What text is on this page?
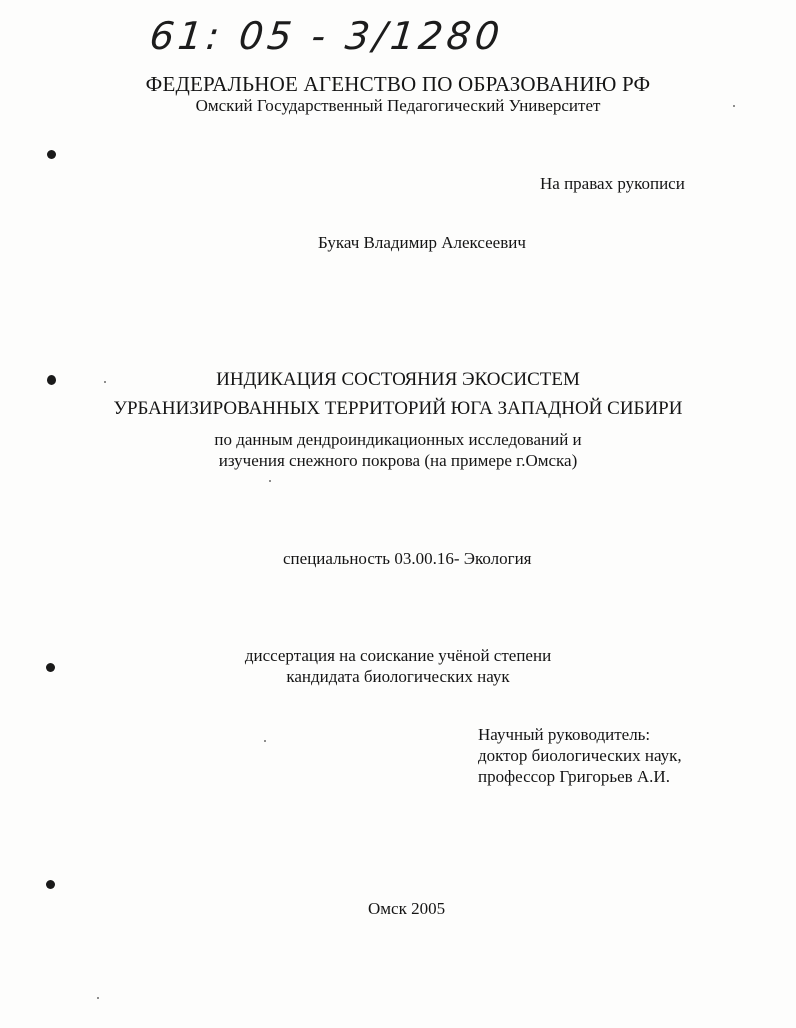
61: 05 - 3/1280
ФЕДЕРАЛЬНОЕ АГЕНСТВО ПО ОБРАЗОВАНИЮ РФ
Омский Государственный Педагогический Университет
На правах рукописи
Букач Владимир Алексеевич
ИНДИКАЦИЯ СОСТОЯНИЯ ЭКОСИСТЕМ
УРБАНИЗИРОВАННЫХ ТЕРРИТОРИЙ ЮГА ЗАПАДНОЙ СИБИРИ
по данным дендроиндикационных исследований и
изучения снежного покрова (на примере г.Омска)
специальность 03.00.16- Экология
диссертация на соискание учёной степени
кандидата биологических наук
Научный руководитель:
доктор биологических наук,
профессор Григорьев А.И.
Омск 2005
